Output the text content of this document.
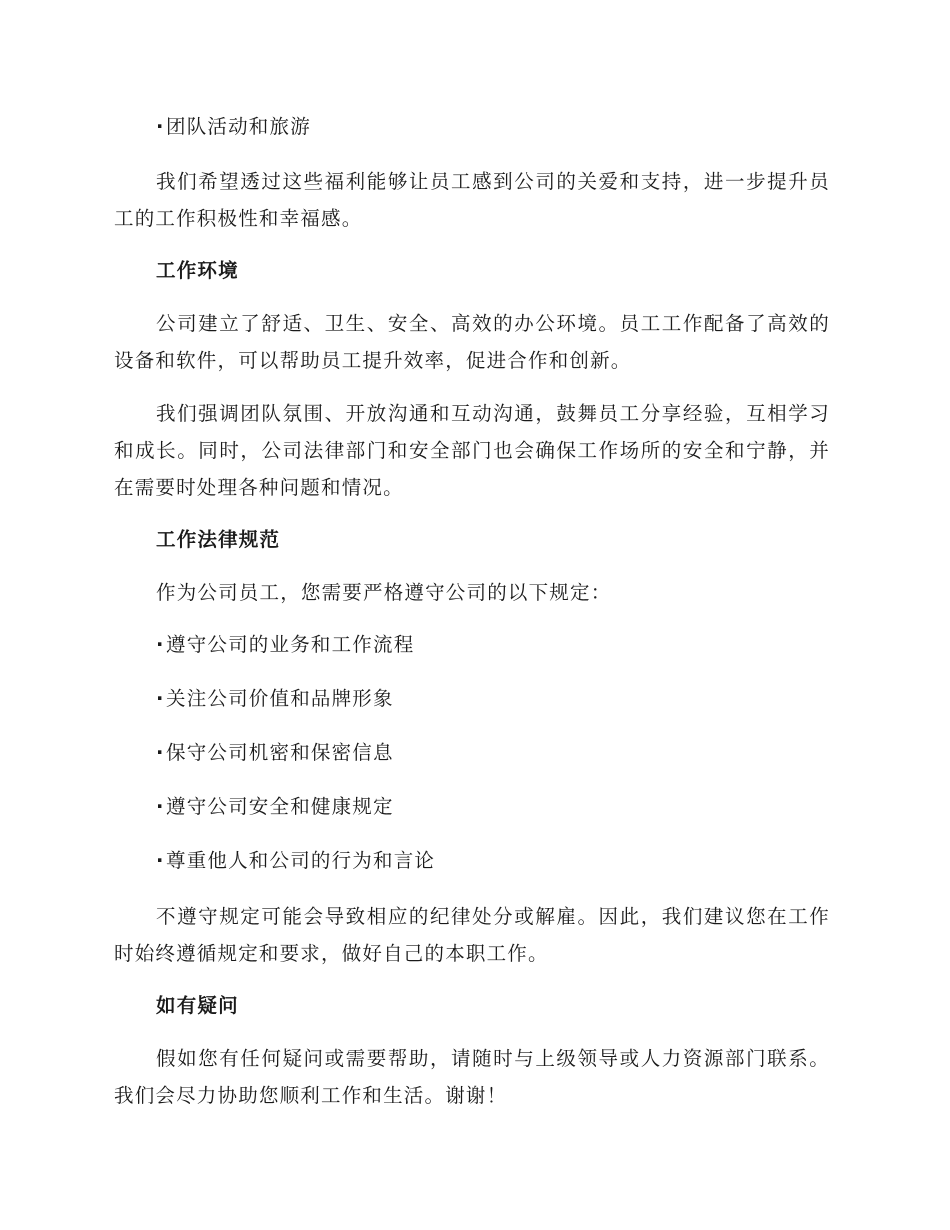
·团队活动和旅游

我们希望透过这些福利能够让员工感到公司的关爱和支持，进一步提升员工的工作积极性和幸福感。

工作环境

公司建立了舒适、卫生、安全、高效的办公环境。员工工作配备了高效的设备和软件，可以帮助员工提升效率，促进合作和创新。

我们强调团队氛围、开放沟通和互动沟通，鼓舞员工分享经验，互相学习和成长。同时，公司法律部门和安全部门也会确保工作场所的安全和宁静，并在需要时处理各种问题和情况。

工作法律规范

作为公司员工，您需要严格遵守公司的以下规定：

·遵守公司的业务和工作流程

·关注公司价值和品牌形象

·保守公司机密和保密信息

·遵守公司安全和健康规定

·尊重他人和公司的行为和言论

不遵守规定可能会导致相应的纪律处分或解雇。因此，我们建议您在工作时始终遵循规定和要求，做好自己的本职工作。

如有疑问

假如您有任何疑问或需要帮助，请随时与上级领导或人力资源部门联系。我们会尽力协助您顺利工作和生活。谢谢！
